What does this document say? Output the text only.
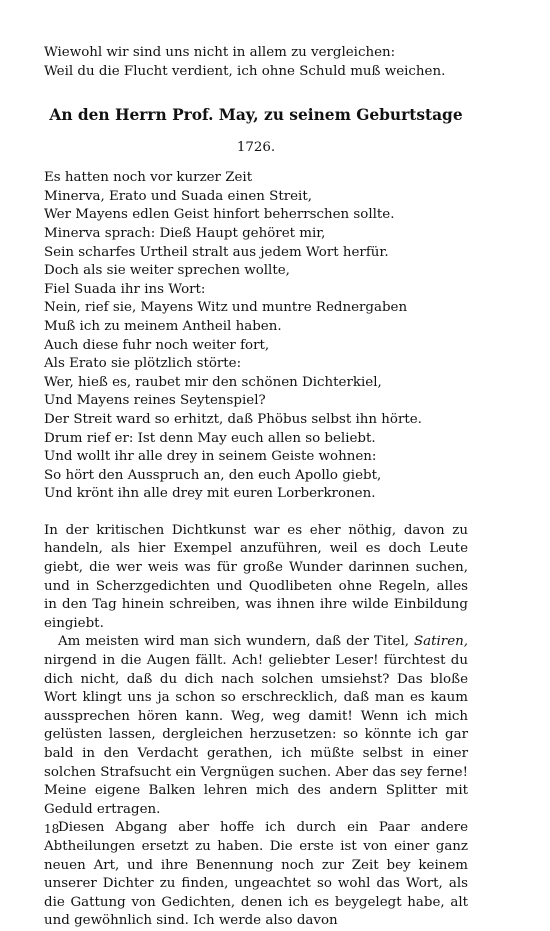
Wiewohl wir sind uns nicht in allem zu vergleichen:
Weil du die Flucht verdient, ich ohne Schuld muß weichen.
An den Herrn Prof. May, zu seinem Geburtstage
1726.
Es hatten noch vor kurzer Zeit
Minerva, Erato und Suada einen Streit,
Wer Mayens edlen Geist hinfort beherrschen sollte.
Minerva sprach: Dieß Haupt gehöret mir,
Sein scharfes Urtheil stralt aus jedem Wort herfür.
Doch als sie weiter sprechen wollte,
Fiel Suada ihr ins Wort:
Nein, rief sie, Mayens Witz und muntre Rednergaben
Muß ich zu meinem Antheil haben.
Auch diese fuhr noch weiter fort,
Als Erato sie plötzlich störte:
Wer, hieß es, raubet mir den schönen Dichterkiel,
Und Mayens reines Seytenspiel?
Der Streit ward so erhitzt, daß Phöbus selbst ihn hörte.
Drum rief er: Ist denn May euch allen so beliebt.
Und wollt ihr alle drey in seinem Geiste wohnen:
So hört den Ausspruch an, den euch Apollo giebt,
Und krönt ihn alle drey mit euren Lorberkronen.

In der kritischen Dichtkunst war es eher nöthig, davon zu handeln, als hier Exempel anzuführen, weil es doch Leute giebt, die wer weis was für große Wunder darinnen suchen, und in Scherzgedichten und Quodlibeten ohne Regeln, alles in den Tag hinein schreiben, was ihnen ihre wilde Einbildung eingiebt.

Am meisten wird man sich wundern, daß der Titel, Satiren, nirgend in die Augen fällt. Ach! geliebter Leser! fürchtest du dich nicht, daß du dich nach solchen umsiehst? Das bloße Wort klingt uns ja schon so erschrecklich, daß man es kaum aussprechen hören kann. Weg, weg damit! Wenn ich mich gelüsten lassen, dergleichen herzusetzen: so könnte ich gar bald in den Verdacht gerathen, ich müßte selbst in einer solchen Strafsucht ein Vergnügen suchen. Aber das sey ferne! Meine eigene Balken lehren mich des andern Splitter mit Geduld ertragen.

Diesen Abgang aber hoffe ich durch ein Paar andere Abtheilungen ersetzt zu haben. Die erste ist von einer ganz neuen Art, und ihre Benennung noch zur Zeit bey keinem unserer Dichter zu finden, ungeachtet so wohl das Wort, als die Gattung von Gedichten, denen ich es beygelegt habe, alt und gewöhnlich sind. Ich werde also davon

18
